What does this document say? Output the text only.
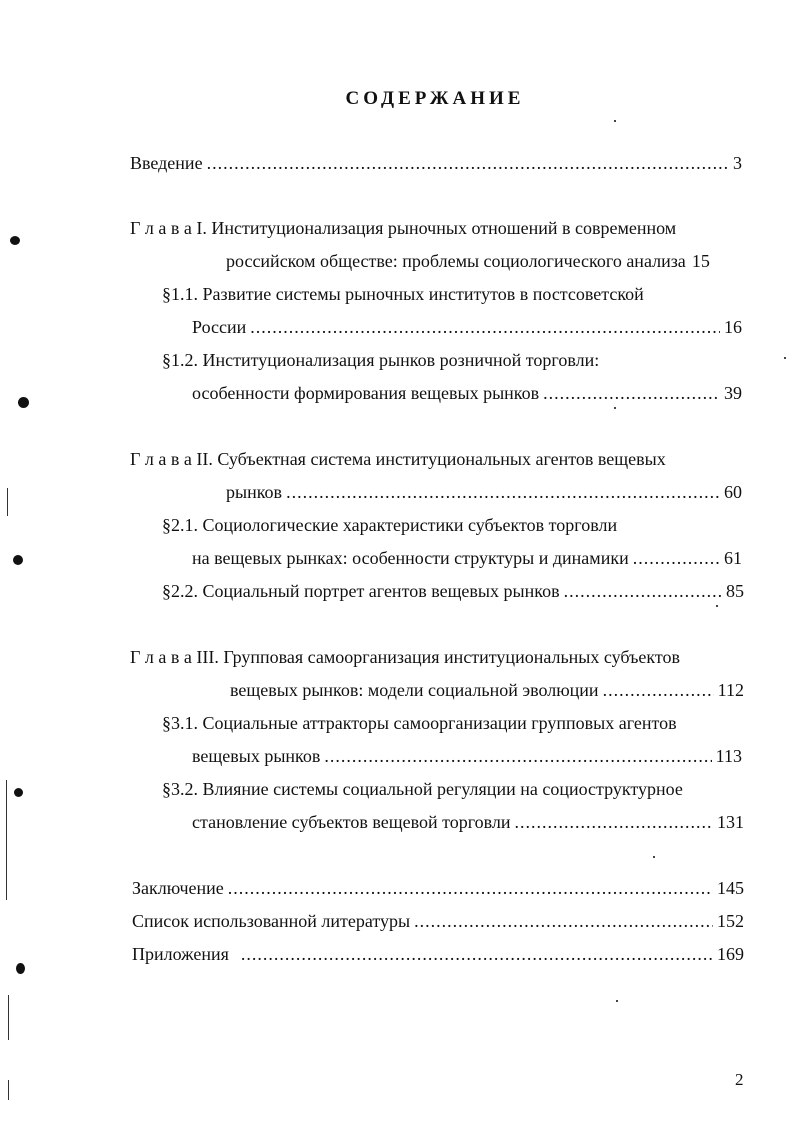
СОДЕРЖАНИЕ
Введение .....	3
Г л а в а I. Институционализация рыночных отношений в современном
российском обществе: проблемы социологического анализа 15
§1.1. Развитие системы рыночных институтов в постсоветской
России .....	16
§1.2. Институционализация рынков розничной торговли:
особенности формирования вещевых рынков .....	39
Г л а в а II. Субъектная система институциональных агентов вещевых
рынков .....	60
§2.1. Социологические характеристики субъектов торговли
на вещевых рынках: особенности структуры и динамики .....	61
§2.2. Социальный портрет агентов вещевых рынков .....	85
Г л а в а III. Групповая самоорганизация институциональных субъектов
вещевых рынков: модели социальной эволюции .....	112
§3.1. Социальные аттракторы самоорганизации групповых агентов
вещевых рынков .....	113
§3.2. Влияние системы социальной регуляции на социоструктурное
становление субъектов вещевой торговли .....	131
Заключение .....	145
Список использованной литературы .....	152
Приложения .....	169
2
